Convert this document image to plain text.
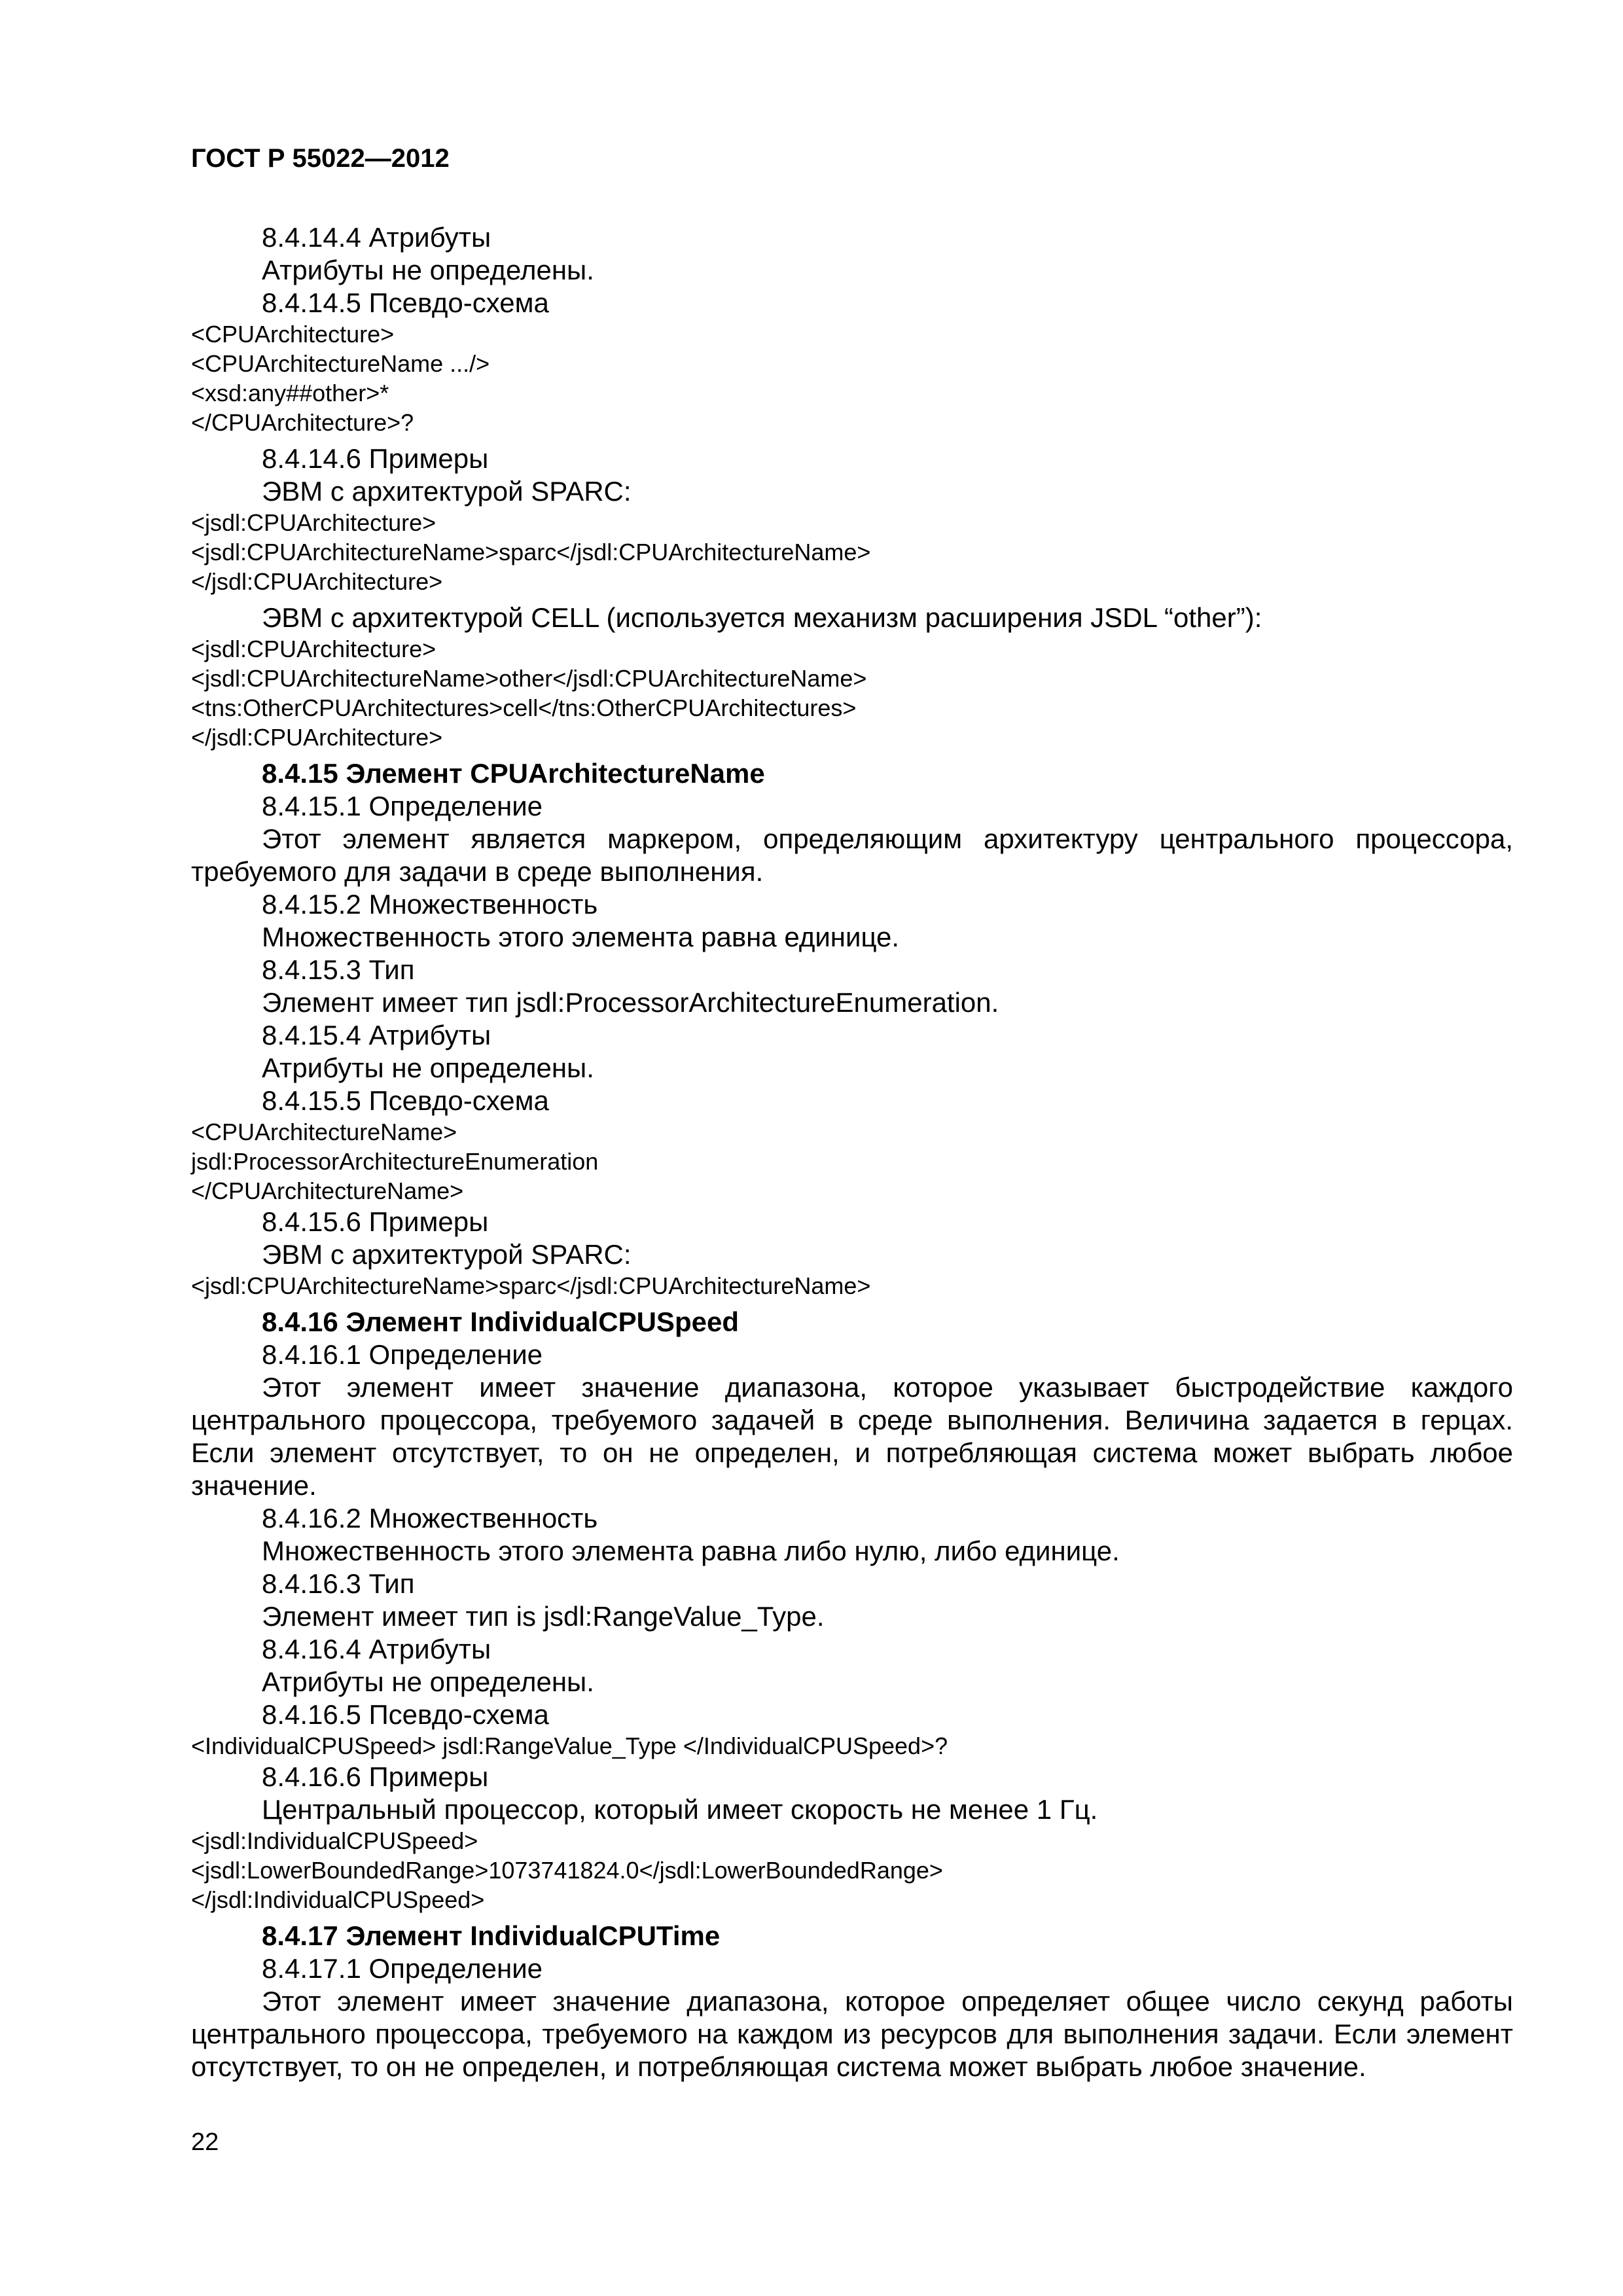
ГОСТ Р 55022—2012
8.4.14.4 Атрибуты
Атрибуты не определены.
8.4.14.5 Псевдо-схема
<CPUArchitecture>
<CPUArchitectureName .../>
<xsd:any##other>*
</CPUArchitecture>?
8.4.14.6 Примеры
ЭВМ с архитектурой SPARC:
<jsdl:CPUArchitecture>
<jsdl:CPUArchitectureName>sparc</jsdl:CPUArchitectureName>
</jsdl:CPUArchitecture>
ЭВМ с архитектурой CELL (используется механизм расширения JSDL “other”):
<jsdl:CPUArchitecture>
<jsdl:CPUArchitectureName>other</jsdl:CPUArchitectureName>
<tns:OtherCPUArchitectures>cell</tns:OtherCPUArchitectures>
</jsdl:CPUArchitecture>
8.4.15 Элемент CPUArchitectureName
8.4.15.1 Определение
Этот элемент является маркером, определяющим архитектуру центрального процессора, требуемого для задачи в среде выполнения.
8.4.15.2 Множественность
Множественность этого элемента равна единице.
8.4.15.3 Тип
Элемент имеет тип jsdl:ProcessorArchitectureEnumeration.
8.4.15.4 Атрибуты
Атрибуты не определены.
8.4.15.5 Псевдо-схема
<CPUArchitectureName>
jsdl:ProcessorArchitectureEnumeration
</CPUArchitectureName>
8.4.15.6 Примеры
ЭВМ с архитектурой SPARC:
<jsdl:CPUArchitectureName>sparc</jsdl:CPUArchitectureName>
8.4.16 Элемент IndividualCPUSpeed
8.4.16.1 Определение
Этот элемент имеет значение диапазона, которое указывает быстродействие каждого центрального процессора, требуемого задачей в среде выполнения. Величина задается в герцах. Если элемент отсутствует, то он не определен, и потребляющая система может выбрать любое значение.
8.4.16.2 Множественность
Множественность этого элемента равна либо нулю, либо единице.
8.4.16.3 Тип
Элемент имеет тип is jsdl:RangeValue_Type.
8.4.16.4 Атрибуты
Атрибуты не определены.
8.4.16.5 Псевдо-схема
<IndividualCPUSpeed> jsdl:RangeValue_Type </IndividualCPUSpeed>?
8.4.16.6 Примеры
Центральный процессор, который имеет скорость не менее 1 Гц.
<jsdl:IndividualCPUSpeed>
<jsdl:LowerBoundedRange>1073741824.0</jsdl:LowerBoundedRange>
</jsdl:IndividualCPUSpeed>
8.4.17 Элемент IndividualCPUTime
8.4.17.1 Определение
Этот элемент имеет значение диапазона, которое определяет общее число секунд работы центрального процессора, требуемого на каждом из ресурсов для выполнения задачи. Если элемент отсутствует, то он не определен, и потребляющая система может выбрать любое значение.
22
